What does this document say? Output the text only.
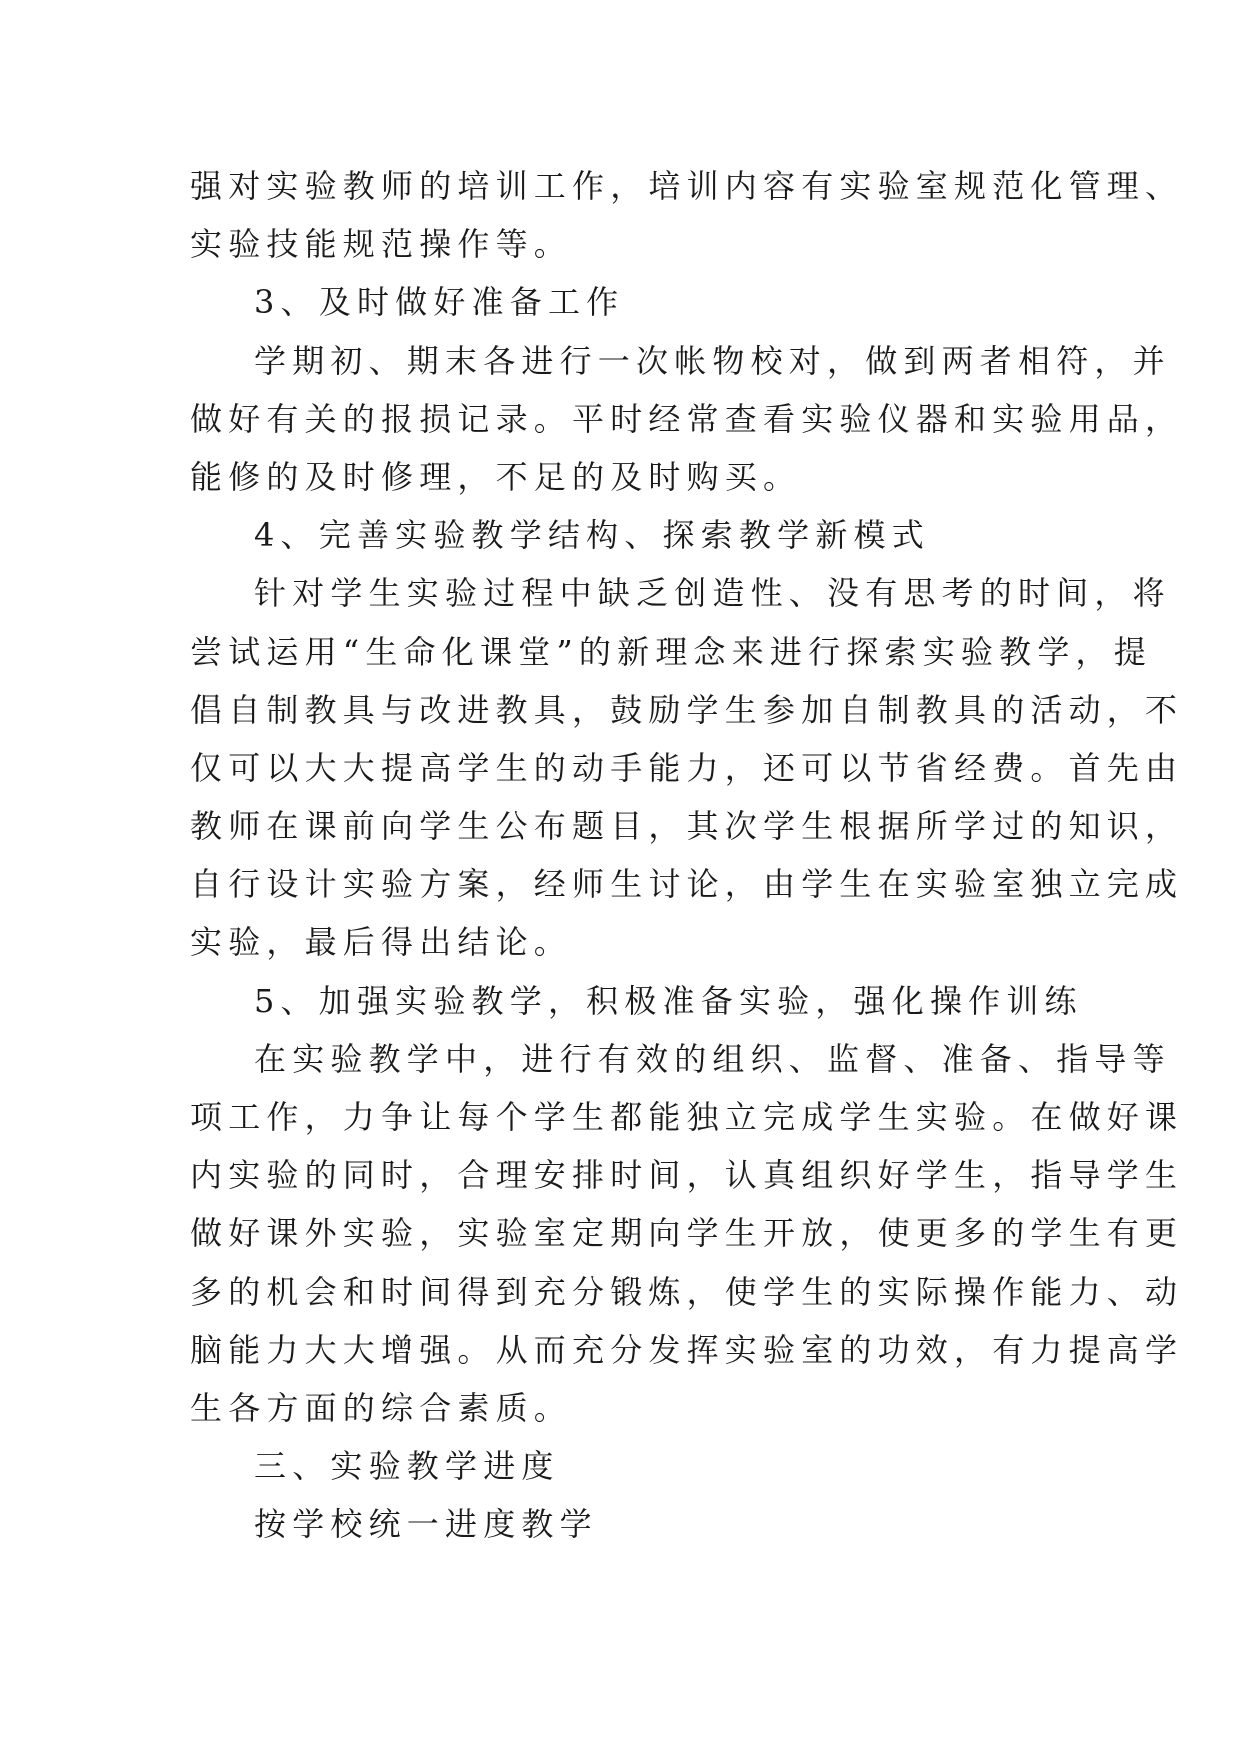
强对实验教师的培训工作，培训内容有实验室规范化管理、
实验技能规范操作等。
3、及时做好准备工作
学期初、期末各进行一次帐物校对，做到两者相符，并
做好有关的报损记录。平时经常查看实验仪器和实验用品，
能修的及时修理，不足的及时购买。
4、完善实验教学结构、探索教学新模式
针对学生实验过程中缺乏创造性、没有思考的时间，将
尝试运用“生命化课堂”的新理念来进行探索实验教学，提
倡自制教具与改进教具，鼓励学生参加自制教具的活动，不
仅可以大大提高学生的动手能力，还可以节省经费。首先由
教师在课前向学生公布题目，其次学生根据所学过的知识，
自行设计实验方案，经师生讨论，由学生在实验室独立完成
实验，最后得出结论。
5、加强实验教学，积极准备实验，强化操作训练
在实验教学中，进行有效的组织、监督、准备、指导等
项工作，力争让每个学生都能独立完成学生实验。在做好课
内实验的同时，合理安排时间，认真组织好学生，指导学生
做好课外实验，实验室定期向学生开放，使更多的学生有更
多的机会和时间得到充分锻炼，使学生的实际操作能力、动
脑能力大大增强。从而充分发挥实验室的功效，有力提高学
生各方面的综合素质。
三、实验教学进度
按学校统一进度教学
